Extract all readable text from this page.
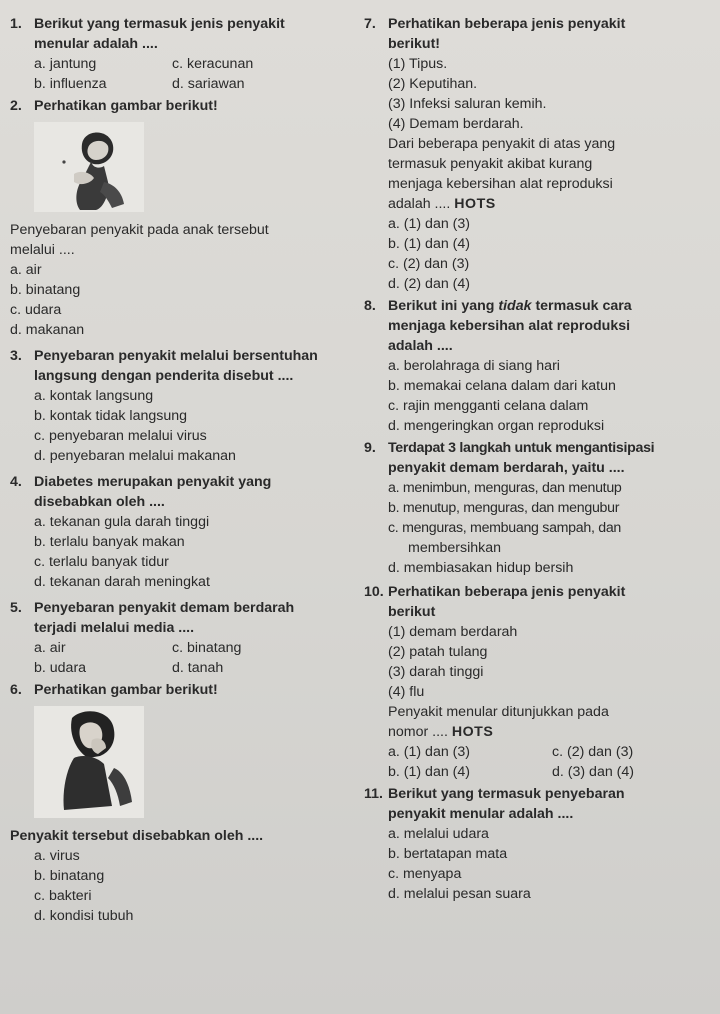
1. Berikut yang termasuk jenis penyakit
menular adalah ....
a. jantung	c. keracunan
b. influenza	d. sariawan
2. Perhatikan gambar berikut!
Penyebaran penyakit pada anak tersebut
melalui ....
a. air
b. binatang
c. udara
d. makanan
3. Penyebaran penyakit melalui bersentuhan
langsung dengan penderita disebut ....
a. kontak langsung
b. kontak tidak langsung
c. penyebaran melalui virus
d. penyebaran melalui makanan
4. Diabetes merupakan penyakit yang
disebabkan oleh ....
a. tekanan gula darah tinggi
b. terlalu banyak makan
c. terlalu banyak tidur
d. tekanan darah meningkat
5. Penyebaran penyakit demam berdarah
terjadi melalui media ....
a. air	c. binatang
b. udara	d. tanah
6. Perhatikan gambar berikut!
Penyakit tersebut disebabkan oleh ....
a. virus
b. binatang
c. bakteri
d. kondisi tubuh
7. Perhatikan beberapa jenis penyakit
berikut!
(1) Tipus.
(2) Keputihan.
(3) Infeksi saluran kemih.
(4) Demam berdarah.
Dari beberapa penyakit di atas yang
termasuk penyakit akibat kurang
menjaga kebersihan alat reproduksi
adalah .... HOTS
a. (1) dan (3)
b. (1) dan (4)
c. (2) dan (3)
d. (2) dan (4)
8. Berikut ini yang tidak termasuk cara
menjaga kebersihan alat reproduksi
adalah ....
a. berolahraga di siang hari
b. memakai celana dalam dari katun
c. rajin mengganti celana dalam
d. mengeringkan organ reproduksi
9. Terdapat 3 langkah untuk mengantisipasi
penyakit demam berdarah, yaitu ....
a. menimbun, menguras, dan menutup
b. menutup, menguras, dan mengubur
c. menguras, membuang sampah, dan
membersihkan
d. membiasakan hidup bersih
10. Perhatikan beberapa jenis penyakit
berikut
(1) demam berdarah
(2) patah tulang
(3) darah tinggi
(4) flu
Penyakit menular ditunjukkan pada
nomor .... HOTS
a. (1) dan (3)	c. (2) dan (3)
b. (1) dan (4)	d. (3) dan (4)
11. Berikut yang termasuk penyebaran
penyakit menular adalah ....
a. melalui udara
b. bertatapan mata
c. menyapa
d. melalui pesan suara
